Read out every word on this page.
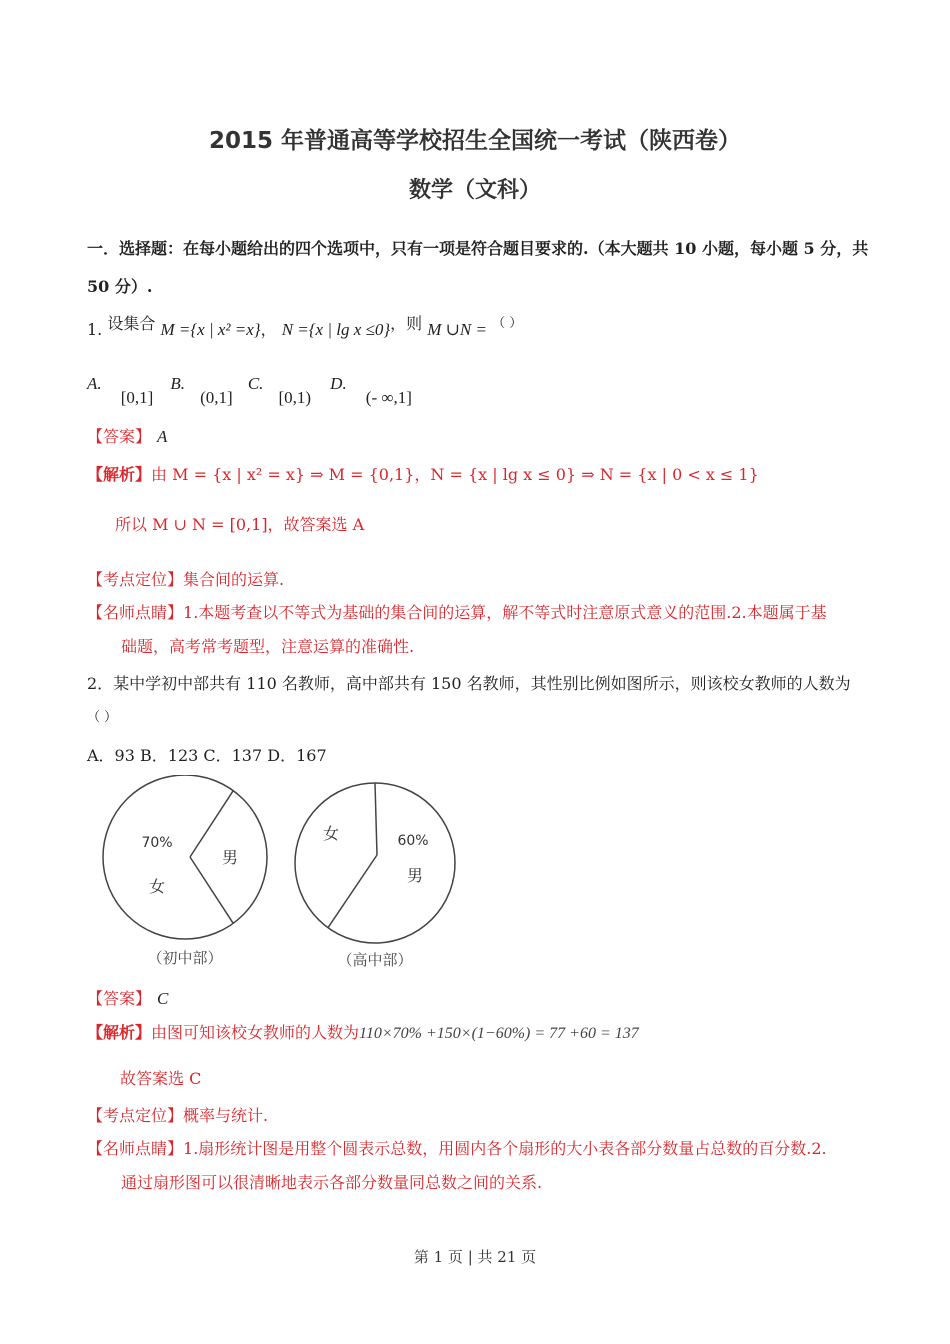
2015 年普通高等学校招生全国统一考试（陕西卷）
数学（文科）
一．选择题：在每小题给出的四个选项中，只有一项是符合题目要求的.（本大题共 10 小题，每小题 5 分，共 50 分）.
1. 设集合 M ={x | x² =x}， N ={x | lg x ≤0}，则 M ∪N = （ ）
A. [0,1] B. (0,1] C. [0,1) D. (- ∞,1]
【答案】 A
【解析】由 M = {x | x² = x} ⇒ M = {0,1}，N = {x | lg x ≤ 0} ⇒ N = {x | 0 < x ≤ 1}
所以 M ∪ N = [0,1]，故答案选 A
【考点定位】集合间的运算.
【名师点睛】1.本题考查以不等式为基础的集合间的运算，解不等式时注意原式意义的范围.2.本题属于基
础题，高考常考题型，注意运算的准确性.
2．某中学初中部共有 110 名教师，高中部共有 150 名教师，其性别比例如图所示，则该校女教师的人数为
（ ）
A．93 B．123 C．137 D．167
70%
女
男
（初中部）
60%
男
女
（高中部）
【答案】 C
【解析】由图可知该校女教师的人数为110×70% +150×(1−60%) = 77 +60 = 137
故答案选 C
【考点定位】概率与统计.
【名师点睛】1.扇形统计图是用整个圆表示总数，用圆内各个扇形的大小表各部分数量占总数的百分数.2.
通过扇形图可以很清晰地表示各部分数量同总数之间的关系.
第 1 页 | 共 21 页
